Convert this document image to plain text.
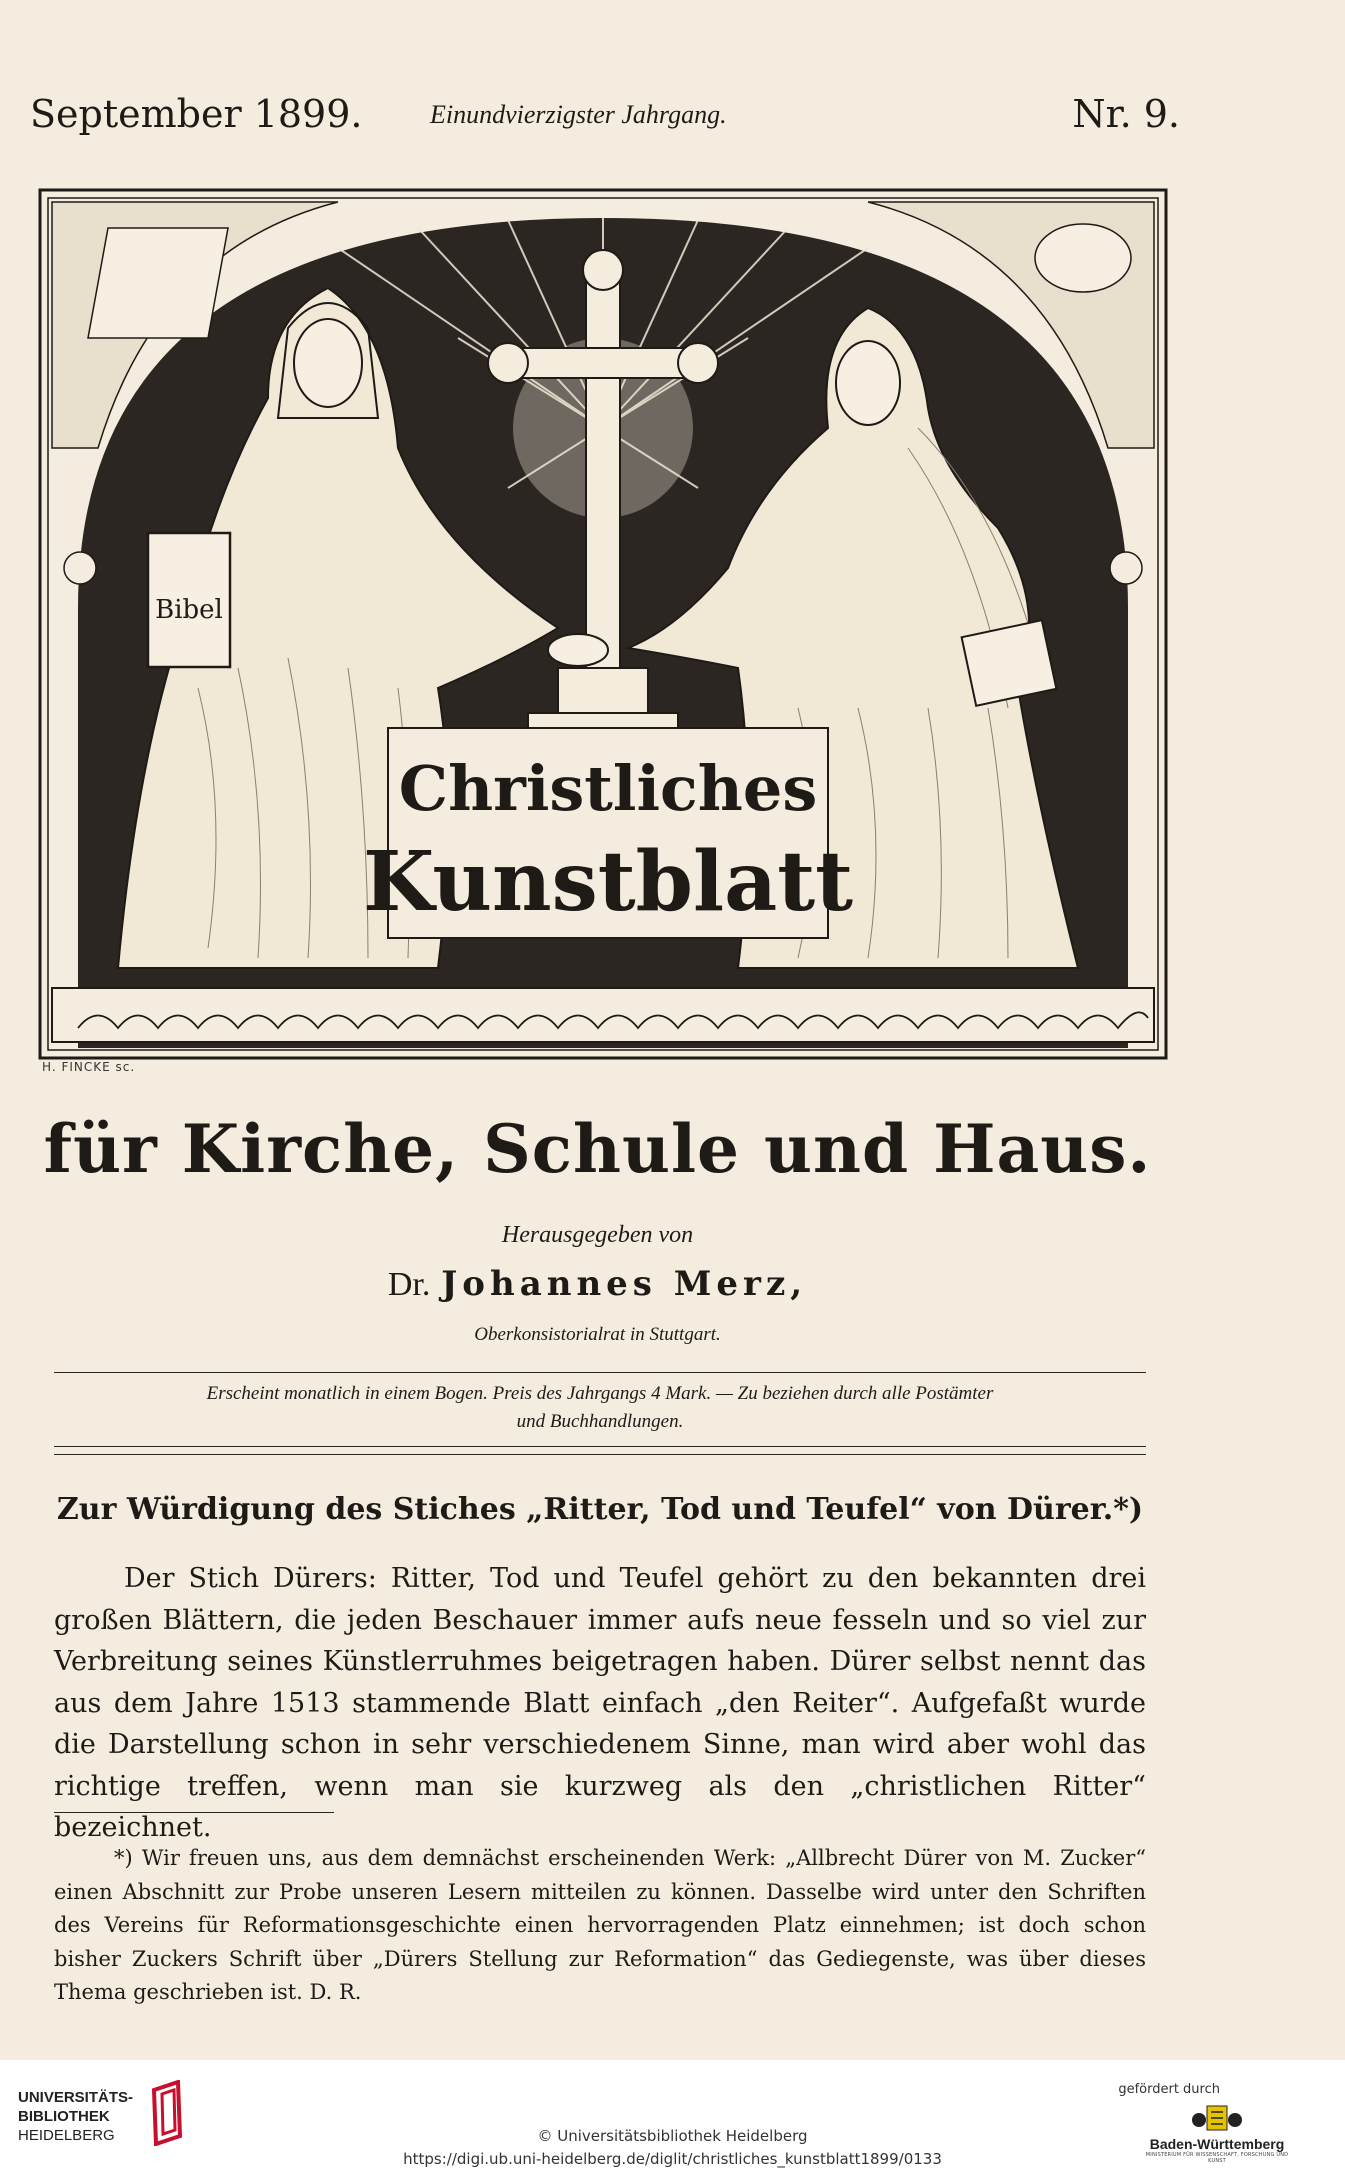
September 1899.	Einundvierzigster Jahrgang.	Nr. 9.
Bibel
Christliches
Kunstblatt
H. FINCKE sc.
für Kirche, Schule und Haus.
Herausgegeben von
Dr. Johannes Merz,
Oberkonsistorialrat in Stuttgart.
Erscheint monatlich in einem Bogen. Preis des Jahrgangs 4 Mark. — Zu beziehen durch alle Postämter
und Buchhandlungen.
Zur Würdigung des Stiches „Ritter, Tod und Teufel“ von Dürer.*)
Der Stich Dürers: Ritter, Tod und Teufel gehört zu den bekannten drei großen Blättern, die jeden Beschauer immer aufs neue fesseln und so viel zur Verbreitung seines Künstlerruhmes beigetragen haben. Dürer selbst nennt das aus dem Jahre 1513 stammende Blatt einfach „den Reiter“. Aufgefaßt wurde die Darstellung schon in sehr verschiedenem Sinne, man wird aber wohl das richtige treffen, wenn man sie kurzweg als den „christlichen Ritter“ bezeichnet.
*) Wir freuen uns, aus dem demnächst erscheinenden Werk: „Allbrecht Dürer von M. Zucker“ einen Abschnitt zur Probe unseren Lesern mitteilen zu können. Dasselbe wird unter den Schriften des Vereins für Reformationsgeschichte einen hervorragenden Platz einnehmen; ist doch schon bisher Zuckers Schrift über „Dürers Stellung zur Reformation“ das Gediegenste, was über dieses Thema geschrieben ist. D. R.
UNIVERSITÄTS-
BIBLIOTHEK
HEIDELBERG	© Universitätsbibliothek Heidelberg
https://digi.ub.uni-heidelberg.de/diglit/christliches_kunstblatt1899/0133
gefördert durch
Baden-Württemberg
MINISTERIUM FÜR WISSENSCHAFT, FORSCHUNG UND KUNST
